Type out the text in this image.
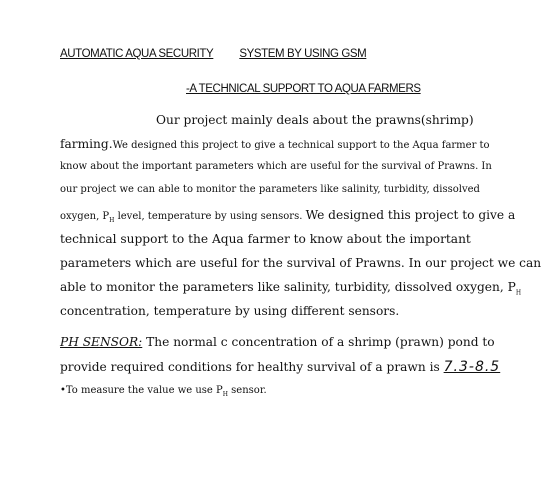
AUTOMATIC AQUA SECURITY SYSTEM BY USING GSM
-A TECHNICAL SUPPORT TO AQUA FARMERS
Our project mainly deals about the prawns(shrimp)
farming.We designed this project to give a technical support to the Aqua farmer to
know about the important parameters which are useful for the survival of Prawns. In
our project we can able to monitor the parameters like salinity, turbidity, dissolved
oxygen, $P_H$ level, temperature by using sensors. We designed this project to give a
technical support to the Aqua farmer to know about the important
parameters which are useful for the survival of Prawns. In our project we can
able to monitor the parameters like salinity, turbidity, dissolved oxygen, $P_H$
concentration, temperature by using different sensors.
PH SENSOR: The normal c concentration of a shrimp (prawn) pond to
provide required conditions for healthy survival of a prawn is 7.3-8.5
•To measure the value we use $P_H$ sensor.
